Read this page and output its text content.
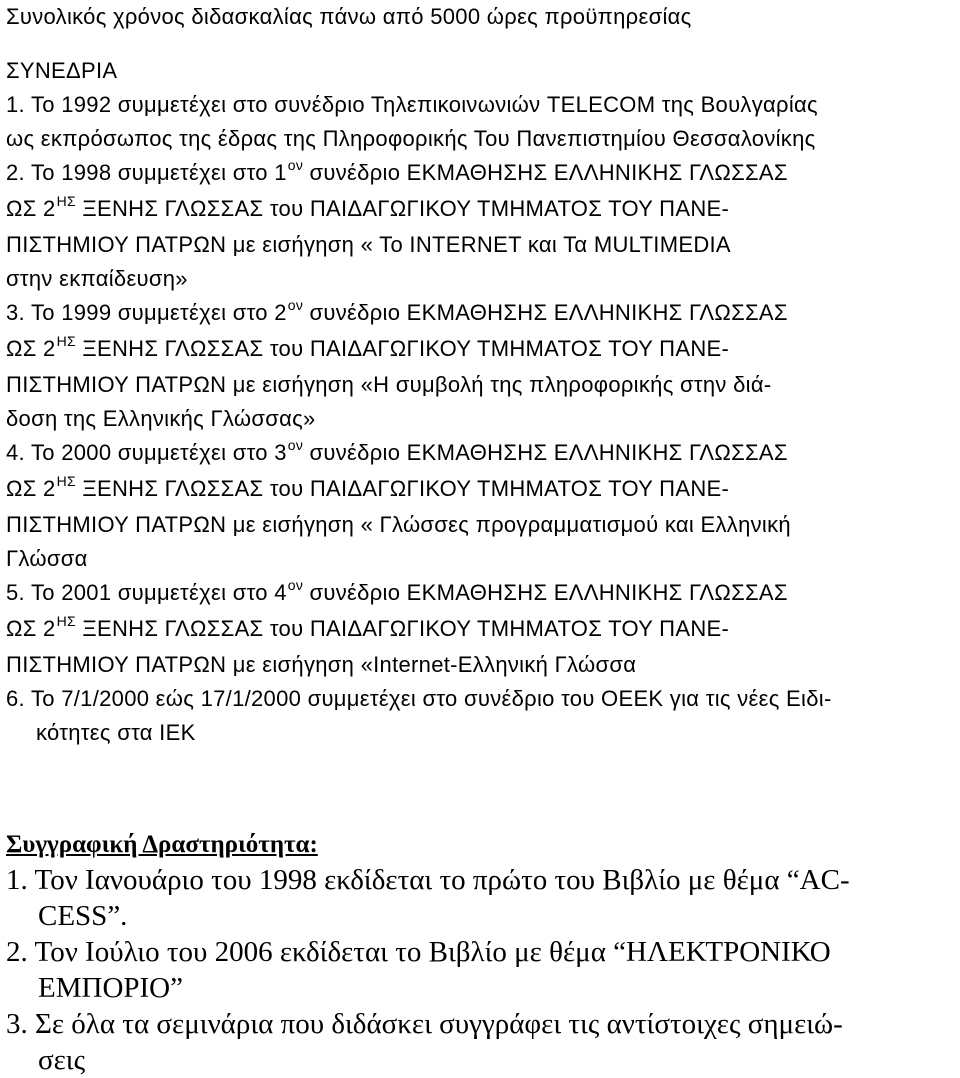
Συνολικός χρόνος διδασκαλίας πάνω από 5000 ώρες προϋπηρεσίας
ΣΥΝΕΔΡΙΑ
1. Το 1992 συμμετέχει στο συνέδριο Τηλεπικοινωνιών TELECOM της Βουλγαρίας
ως εκπρόσωπος της έδρας της Πληροφορικής Του Πανεπιστημίου Θεσσαλονίκης
2. Το 1998 συμμετέχει στο $1^{o\nu}$ συνέδριο ΕΚΜΑΘΗΣΗΣ ΕΛΛΗΝΙΚΗΣ ΓΛΩΣΣΑΣ
ΩΣ $2^{H\Sigma}$ ΞΕΝΗΣ ΓΛΩΣΣΑΣ του ΠΑΙΔΑΓΩΓΙΚΟΥ ΤΜΗΜΑΤΟΣ ΤΟΥ ΠΑΝΕ-
ΠΙΣΤΗΜΙΟΥ ΠΑΤΡΩΝ με εισήγηση « Το INTERNET και Τα MULTIMEDIA
στην εκπαίδευση»
3. Το 1999 συμμετέχει στο $2^{o\nu}$ συνέδριο ΕΚΜΑΘΗΣΗΣ ΕΛΛΗΝΙΚΗΣ ΓΛΩΣΣΑΣ
ΩΣ $2^{H\Sigma}$ ΞΕΝΗΣ ΓΛΩΣΣΑΣ του ΠΑΙΔΑΓΩΓΙΚΟΥ ΤΜΗΜΑΤΟΣ ΤΟΥ ΠΑΝΕ-
ΠΙΣΤΗΜΙΟΥ ΠΑΤΡΩΝ με εισήγηση «Η συμβολή της πληροφορικής στην διά-
δοση της Ελληνικής Γλώσσας»
4. Το 2000 συμμετέχει στο $3^{o\nu}$ συνέδριο ΕΚΜΑΘΗΣΗΣ ΕΛΛΗΝΙΚΗΣ ΓΛΩΣΣΑΣ
ΩΣ $2^{H\Sigma}$ ΞΕΝΗΣ ΓΛΩΣΣΑΣ του ΠΑΙΔΑΓΩΓΙΚΟΥ ΤΜΗΜΑΤΟΣ ΤΟΥ ΠΑΝΕ-
ΠΙΣΤΗΜΙΟΥ ΠΑΤΡΩΝ με εισήγηση « Γλώσσες προγραμματισμού και Ελληνική
Γλώσσα
5. Το 2001 συμμετέχει στο $4^{o\nu}$ συνέδριο ΕΚΜΑΘΗΣΗΣ ΕΛΛΗΝΙΚΗΣ ΓΛΩΣΣΑΣ
ΩΣ $2^{H\Sigma}$ ΞΕΝΗΣ ΓΛΩΣΣΑΣ του ΠΑΙΔΑΓΩΓΙΚΟΥ ΤΜΗΜΑΤΟΣ ΤΟΥ ΠΑΝΕ-
ΠΙΣΤΗΜΙΟΥ ΠΑΤΡΩΝ με εισήγηση «Internet-Ελληνική Γλώσσα
6. Το 7/1/2000 εώς 17/1/2000 συμμετέχει στο συνέδριο του ΟΕΕΚ για τις νέες Ειδι-
κότητες στα ΙΕΚ
Συγγραφική Δραστηριότητα:
1. Τον Ιανουάριο του 1998 εκδίδεται το πρώτο του Βιβλίο με θέμα “AC-
CESS”.
2. Τον Ιούλιο του 2006 εκδίδεται το Βιβλίο με θέμα “ΗΛΕΚΤΡΟΝΙΚΟ
ΕΜΠΟΡΙΟ”
3. Σε όλα τα σεμινάρια που διδάσκει συγγράφει τις αντίστοιχες σημειώ-
σεις
